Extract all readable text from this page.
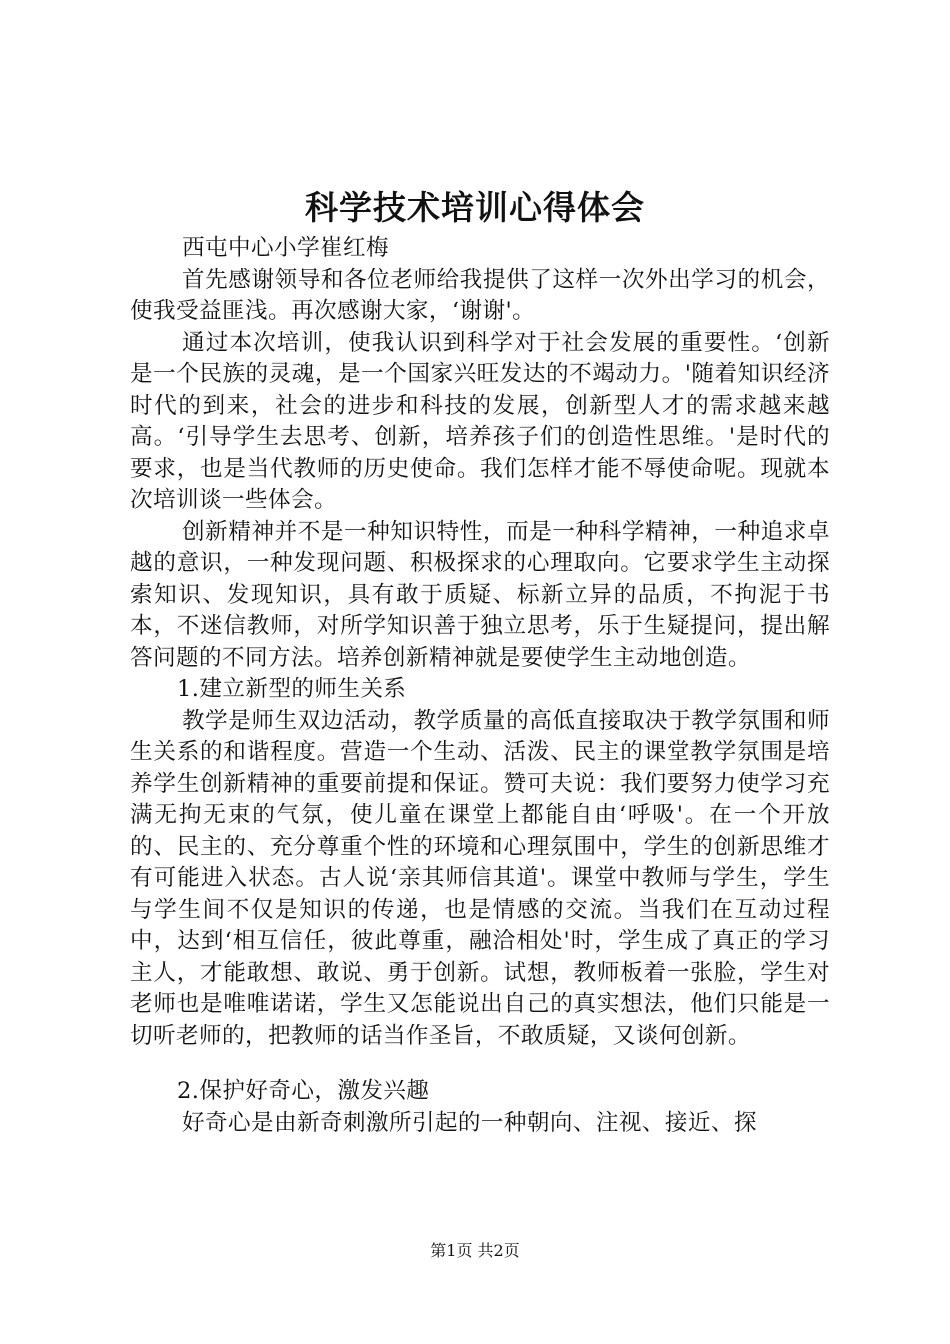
科学技术培训心得体会

西屯中心小学崔红梅

首先感谢领导和各位老师给我提供了这样一次外出学习的机会，使我受益匪浅。再次感谢大家，‘谢谢'。

通过本次培训，使我认识到科学对于社会发展的重要性。‘创新是一个民族的灵魂，是一个国家兴旺发达的不竭动力。'随着知识经济时代的到来，社会的进步和科技的发展，创新型人才的需求越来越高。‘引导学生去思考、创新，培养孩子们的创造性思维。'是时代的要求，也是当代教师的历史使命。我们怎样才能不辱使命呢。现就本次培训谈一些体会。

创新精神并不是一种知识特性，而是一种科学精神，一种追求卓越的意识，一种发现问题、积极探求的心理取向。它要求学生主动探索知识、发现知识，具有敢于质疑、标新立异的品质，不拘泥于书本，不迷信教师，对所学知识善于独立思考，乐于生疑提问，提出解答问题的不同方法。培养创新精神就是要使学生主动地创造。

1.建立新型的师生关系

教学是师生双边活动，教学质量的高低直接取决于教学氛围和师生关系的和谐程度。营造一个生动、活泼、民主的课堂教学氛围是培养学生创新精神的重要前提和保证。赞可夫说：我们要努力使学习充满无拘无束的气氛，使儿童在课堂上都能自由‘呼吸'。在一个开放的、民主的、充分尊重个性的环境和心理氛围中，学生的创新思维才有可能进入状态。古人说‘亲其师信其道'。课堂中教师与学生，学生与学生间不仅是知识的传递，也是情感的交流。当我们在互动过程中，达到‘相互信任，彼此尊重，融洽相处'时，学生成了真正的学习主人，才能敢想、敢说、勇于创新。试想，教师板着一张脸，学生对老师也是唯唯诺诺，学生又怎能说出自己的真实想法，他们只能是一切听老师的，把教师的话当作圣旨，不敢质疑，又谈何创新。

2.保护好奇心，激发兴趣

好奇心是由新奇刺激所引起的一种朝向、注视、接近、探

第1页 共2页
